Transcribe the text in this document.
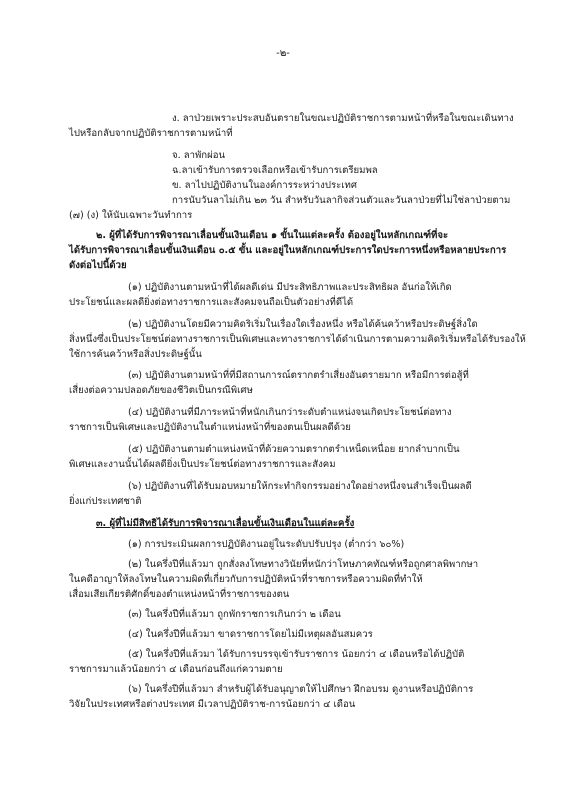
-๒-
ง. ลาป่วยเพราะประสบอันตรายในขณะปฏิบัติราชการตามหน้าที่หรือในขณะเดินทาง
ไปหรือกลับจากปฏิบัติราชการตามหน้าที่
จ. ลาพักผ่อน
ฉ.ลาเข้ารับการตรวจเลือกหรือเข้ารับการเตรียมพล
ข. ลาไปปฏิบัติงานในองค์การระหว่างประเทศ
การนับวันลาไม่เกิน ๒๓ วัน สำหรับวันลากิจส่วนตัวและวันลาป่วยที่ไม่ใช่ลาป่วยตาม
(๗) (ง) ให้นับเฉพาะวันทำการ
๒. ผู้ที่ได้รับการพิจารณาเลื่อนขั้นเงินเดือน ๑ ขั้นในแต่ละครั้ง ต้องอยู่ในหลักเกณฑ์ที่จะ
ได้รับการพิจารณาเลื่อนขั้นเงินเดือน ๐.๕ ขั้น และอยู่ในหลักเกณฑ์ประการใดประการหนึ่งหรือหลายประการ
ดังต่อไปนี้ด้วย
(๑) ปฏิบัติงานตามหน้าที่ได้ผลดีเด่น มีประสิทธิภาพและประสิทธิผล อันก่อให้เกิด
ประโยชน์และผลดียิ่งต่อทางราชการและสังคมจนถือเป็นตัวอย่างที่ดีได้
(๒) ปฏิบัติงานโดยมีความคิดริเริ่มในเรื่องใดเรื่องหนึ่ง หรือได้ค้นคว้าหรือประดิษฐ์สิ่งใด
สิ่งหนึ่งซึ่งเป็นประโยชน์ต่อทางราชการเป็นพิเศษและทางราชการได้ดำเนินการตามความคิดริเริ่มหรือได้รับรองให้
ใช้การค้นคว้าหรือสิ่งประดิษฐ์นั้น
(๓) ปฏิบัติงานตามหน้าที่ที่มีสถานการณ์ตรากตรำเสี่ยงอันตรายมาก หรือมีการต่อสู้ที่
เสี่ยงต่อความปลอดภัยของชีวิตเป็นกรณีพิเศษ
(๔) ปฏิบัติงานที่มีภาระหน้าที่หนักเกินกว่าระดับตำแหน่งจนเกิดประโยชน์ต่อทาง
ราชการเป็นพิเศษและปฏิบัติงานในตำแหน่งหน้าที่ของตนเป็นผลดีด้วย
(๕) ปฏิบัติงานตามตำแหน่งหน้าที่ด้วยความตรากตรำเหน็ดเหนื่อย ยากลำบากเป็น
พิเศษและงานนั้นได้ผลดียิ่งเป็นประโยชน์ต่อทางราชการและสังคม
(๖) ปฏิบัติงานที่ได้รับมอบหมายให้กระทำกิจกรรมอย่างใดอย่างหนึ่งจนสำเร็จเป็นผลดี
ยิ่งแก่ประเทศชาติ
๓. ผู้ที่ไม่มีสิทธิได้รับการพิจารณาเลื่อนขั้นเงินเดือนในแต่ละครั้ง
(๑) การประเมินผลการปฏิบัติงานอยู่ในระดับปรับปรุง (ต่ำกว่า ๖๐%)
(๒) ในครึ่งปีที่แล้วมา ถูกสั่งลงโทษทางวินัยที่หนักว่าโทษภาคทัณฑ์หรือถูกศาลพิพากษา
ในคดีอาญาให้ลงโทษในความผิดที่เกี่ยวกับการปฏิบัติหน้าที่ราชการหรือความผิดที่ทำให้
เสื่อมเสียเกียรติศักดิ์ของตำแหน่งหน้าที่ราชการของตน
(๓) ในครึ่งปีที่แล้วมา ถูกพักราชการเกินกว่า ๒ เดือน
(๔) ในครึ่งปีที่แล้วมา ขาดราชการโดยไม่มีเหตุผลอันสมควร
(๕) ในครึ่งปีที่แล้วมา ได้รับการบรรจุเข้ารับราชการ น้อยกว่า ๔ เดือนหรือได้ปฏิบัติ
ราชการมาแล้วน้อยกว่า ๔ เดือนก่อนถึงแก่ความตาย
(๖) ในครึ่งปีที่แล้วมา สำหรับผู้ได้รับอนุญาตให้ไปศึกษา ฝึกอบรม ดูงานหรือปฏิบัติการ
วิจัยในประเทศหรือต่างประเทศ มีเวลาปฏิบัติราช-การน้อยกว่า ๔ เดือน
